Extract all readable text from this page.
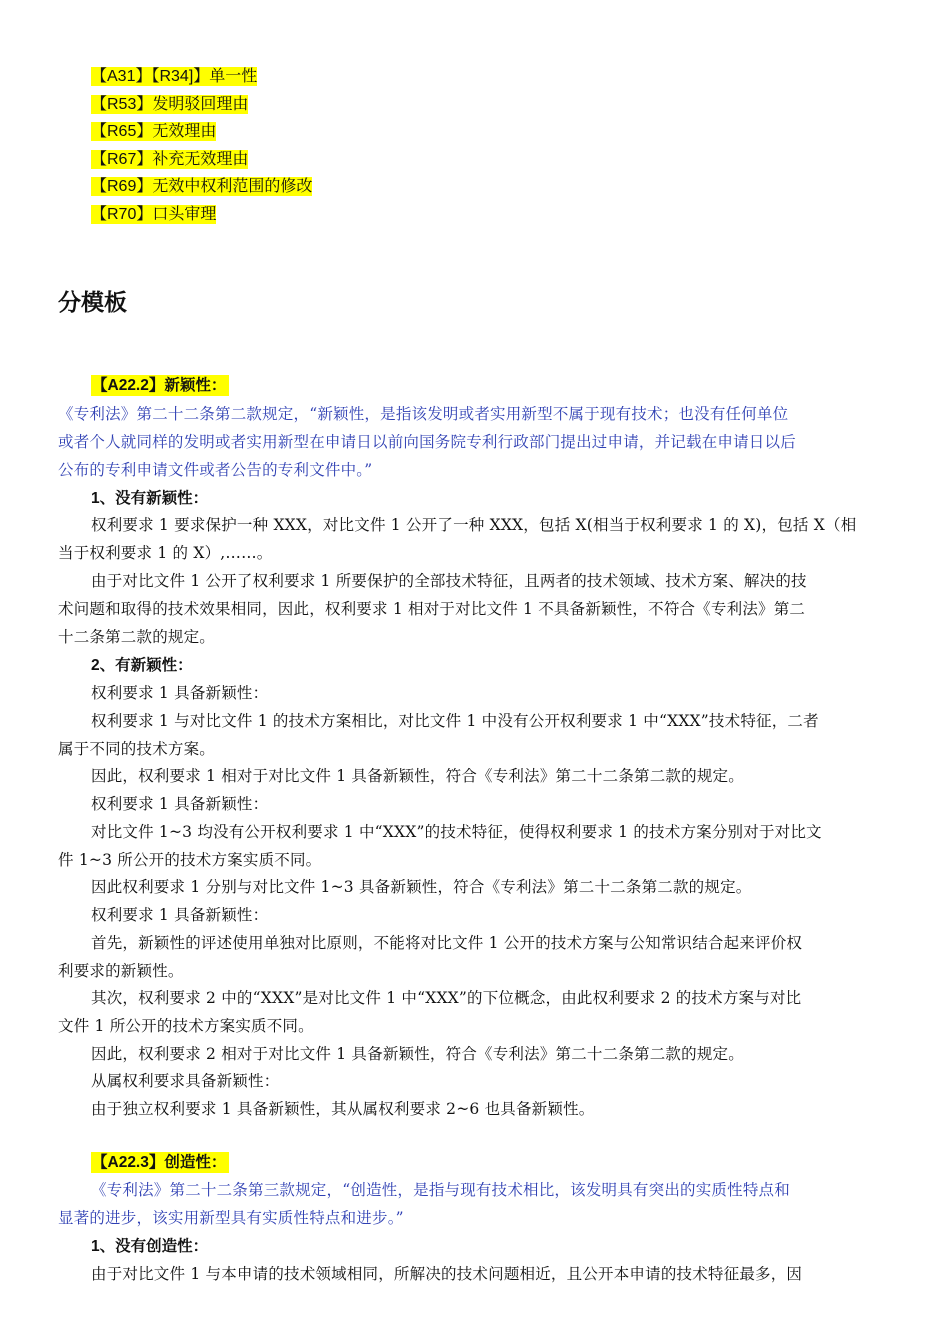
【A31】【R34]】单一性
【R53】发明驳回理由
【R65】无效理由
【R67】补充无效理由
【R69】无效中权利范围的修改
【R70】口头审理
分模板
【A22.2】新颖性：
《专利法》第二十二条第二款规定，“新颖性，是指该发明或者实用新型不属于现有技术；也没有任何单位
或者个人就同样的发明或者实用新型在申请日以前向国务院专利行政部门提出过申请，并记载在申请日以后
公布的专利申请文件或者公告的专利文件中。”
1、没有新颖性：
权利要求 1 要求保护一种 XXX，对比文件 1 公开了一种 XXX，包括 X(相当于权利要求 1 的 X)，包括 X（相
当于权利要求 1 的 X）,……。
由于对比文件 1 公开了权利要求 1 所要保护的全部技术特征，且两者的技术领域、技术方案、解决的技
术问题和取得的技术效果相同，因此，权利要求 1 相对于对比文件 1 不具备新颖性，不符合《专利法》第二
十二条第二款的规定。
2、有新颖性：
权利要求 1 具备新颖性：
权利要求 1 与对比文件 1 的技术方案相比，对比文件 1 中没有公开权利要求 1 中“XXX”技术特征，二者
属于不同的技术方案。
因此，权利要求 1 相对于对比文件 1 具备新颖性，符合《专利法》第二十二条第二款的规定。
权利要求 1 具备新颖性：
对比文件 1~3 均没有公开权利要求 1 中“XXX”的技术特征，使得权利要求 1 的技术方案分别对于对比文
件 1~3 所公开的技术方案实质不同。
因此权利要求 1 分别与对比文件 1~3 具备新颖性，符合《专利法》第二十二条第二款的规定。
权利要求 1 具备新颖性：
首先，新颖性的评述使用单独对比原则，不能将对比文件 1 公开的技术方案与公知常识结合起来评价权
利要求的新颖性。
其次，权利要求 2 中的“XXX”是对比文件 1 中“XXX”的下位概念，由此权利要求 2 的技术方案与对比
文件 1 所公开的技术方案实质不同。
因此，权利要求 2 相对于对比文件 1 具备新颖性，符合《专利法》第二十二条第二款的规定。
从属权利要求具备新颖性：
由于独立权利要求 1 具备新颖性，其从属权利要求 2~6 也具备新颖性。
【A22.3】创造性：
《专利法》第二十二条第三款规定，“创造性，是指与现有技术相比，该发明具有突出的实质性特点和
显著的进步，该实用新型具有实质性特点和进步。”
1、没有创造性：
由于对比文件 1 与本申请的技术领域相同，所解决的技术问题相近，且公开本申请的技术特征最多，因
